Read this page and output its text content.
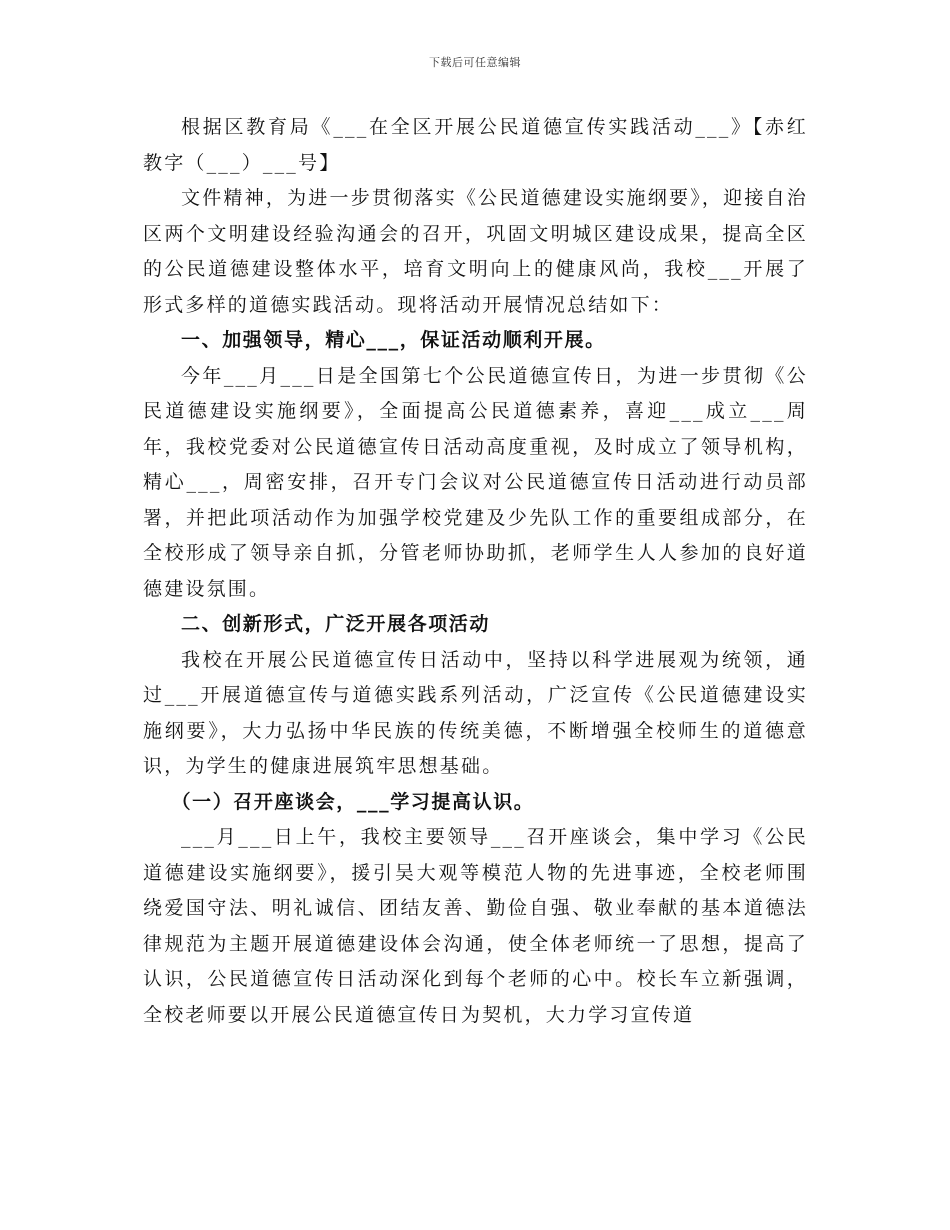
下载后可任意编辑

根据区教育局《___在全区开展公民道德宣传实践活动___》【赤红教字（___）___号】

文件精神，为进一步贯彻落实《公民道德建设实施纲要》，迎接自治区两个文明建设经验沟通会的召开，巩固文明城区建设成果，提高全区的公民道德建设整体水平，培育文明向上的健康风尚，我校___开展了形式多样的道德实践活动。现将活动开展情况总结如下：

一、加强领导，精心___，保证活动顺利开展。

今年___月___日是全国第七个公民道德宣传日，为进一步贯彻《公民道德建设实施纲要》，全面提高公民道德素养，喜迎___成立___周年，我校党委对公民道德宣传日活动高度重视，及时成立了领导机构，精心___，周密安排，召开专门会议对公民道德宣传日活动进行动员部署，并把此项活动作为加强学校党建及少先队工作的重要组成部分，在全校形成了领导亲自抓，分管老师协助抓，老师学生人人参加的良好道德建设氛围。

二、创新形式，广泛开展各项活动

我校在开展公民道德宣传日活动中，坚持以科学进展观为统领，通过___开展道德宣传与道德实践系列活动，广泛宣传《公民道德建设实施纲要》，大力弘扬中华民族的传统美德，不断增强全校师生的道德意识，为学生的健康进展筑牢思想基础。

（一）召开座谈会，___学习提高认识。

___月___日上午，我校主要领导___召开座谈会，集中学习《公民道德建设实施纲要》，援引吴大观等模范人物的先进事迹，全校老师围绕爱国守法、明礼诚信、团结友善、勤俭自强、敬业奉献的基本道德法律规范为主题开展道德建设体会沟通，使全体老师统一了思想，提高了认识，公民道德宣传日活动深化到每个老师的心中。校长车立新强调，全校老师要以开展公民道德宣传日为契机，大力学习宣传道
